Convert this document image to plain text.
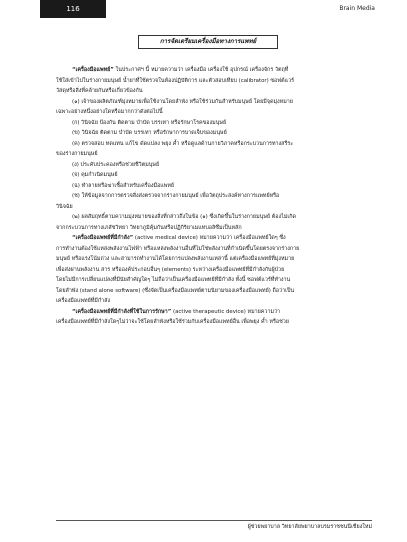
116	Brain Media
การจัดเตรียมเครื่องมือทางการแพทย์
“เครื่องมือแพทย์” ในประกาศฯ นี้ หมายความว่า เครื่องมือ เครื่องใช้ อุปกรณ์ เครื่องจักร วัตถุที่
ใช้ใส่เข้าไปในร่างกายมนุษย์ น้ำยาที่ใช้ตรวจในห้องปฏิบัติการ และตัวสอบเทียบ (calibrator) ซอฟต์แวร์
วัสดุหรือสิ่งที่คล้ายกันหรือเกี่ยวข้องกัน
(๑) เจ้าของผลิตภัณฑ์มุ่งหมายเพื่อใช้งานโดยลำพัง หรือใช้ร่วมกันสำหรับมนุษย์ โดยมีจุดมุ่งหมาย
เฉพาะอย่างหนึ่งอย่างใดหรือมากกว่าดังต่อไปนี้
(ก) วินิจฉัย ป้องกัน ติดตาม บำบัด บรรเทา หรือรักษาโรคของมนุษย์
(ข) วินิจฉัย ติดตาม บำบัด บรรเทา หรือรักษาการบาดเจ็บของมนุษย์
(ค) ตรวจสอบ ทดแทน แก้ไข ดัดแปลง พยุง ค้ำ หรือดูแลด้านกายวิภาคหรือกระบวนการทางสรีระ
ของร่างกายมนุษย์
(ง) ประคับประคองหรือช่วยชีวิตมนุษย์
(จ) คุมกำเนิดมนุษย์
(ฉ) ทำลายหรือฆ่าเชื้อสำหรับเครื่องมือแพทย์
(ช) ให้ข้อมูลจากการตรวจสิ่งส่งตรวจจากร่างกายมนุษย์ เพื่อวัตถุประสงค์ทางการแพทย์หรือ
วินิจฉัย
(๒) ผลสัมฤทธิ์ตามความมุ่งหมายของสิ่งที่กล่าวถึงในข้อ (๑) ซึ่งเกิดขึ้นในร่างกายมนุษย์ ต้องไม่เกิด
จากกระบวนการทางเภสัชวิทยา วิทยาภูมิคุ้มกันหรือปฏิกิริยาเมแทบอลิซึมเป็นหลัก
“เครื่องมือแพทย์ที่มีกำลัง” (active medical device) หมายความว่า เครื่องมือแพทย์ใดๆ ซึ่ง
การทำงานต้องใช้แหล่งพลังงานไฟฟ้า หรือแหล่งพลังงานอื่นที่ไม่ใช่พลังงานที่กำเนิดขึ้นโดยตรงจากร่างกาย
มนุษย์ หรือแรงโน้มถ่วง และสามารถทำงานได้โดยการแปลงพลังงานเหล่านี้ แต่เครื่องมือแพทย์ที่มุ่งหมาย
เพื่อส่งผ่านพลังงาน สาร หรือองค์ประกอบอื่นๆ (elements) ระหว่างเครื่องมือแพทย์ที่มีกำลังกับผู้ป่วย
โดยไม่มีการเปลี่ยนแปลงที่มีนัยสำคัญใดๆ ไม่ถือว่าเป็นเครื่องมือแพทย์ที่มีกำลัง ทั้งนี้ ซอฟต์แวร์ที่ทำงาน
โดยลำพัง (stand alone software) (ซึ่งจัดเป็นเครื่องมือแพทย์ตามนิยามของเครื่องมือแพทย์) ถือว่าเป็น
เครื่องมือแพทย์ที่มีกำลัง
“เครื่องมือแพทย์ที่มีกำลังที่ใช้ในการรักษา” (active therapeutic device) หมายความว่า
เครื่องมือแพทย์ที่มีกำลังใดๆไม่ว่าจะใช้โดยลำพังหรือใช้ร่วมกับเครื่องมือแพทย์อื่น เพื่อพยุง ค้ำ หรือช่วย
ผู้ช่วยพยาบาล วิทยาลัยพยาบาลบรมราชชนนีเชียงใหม่
